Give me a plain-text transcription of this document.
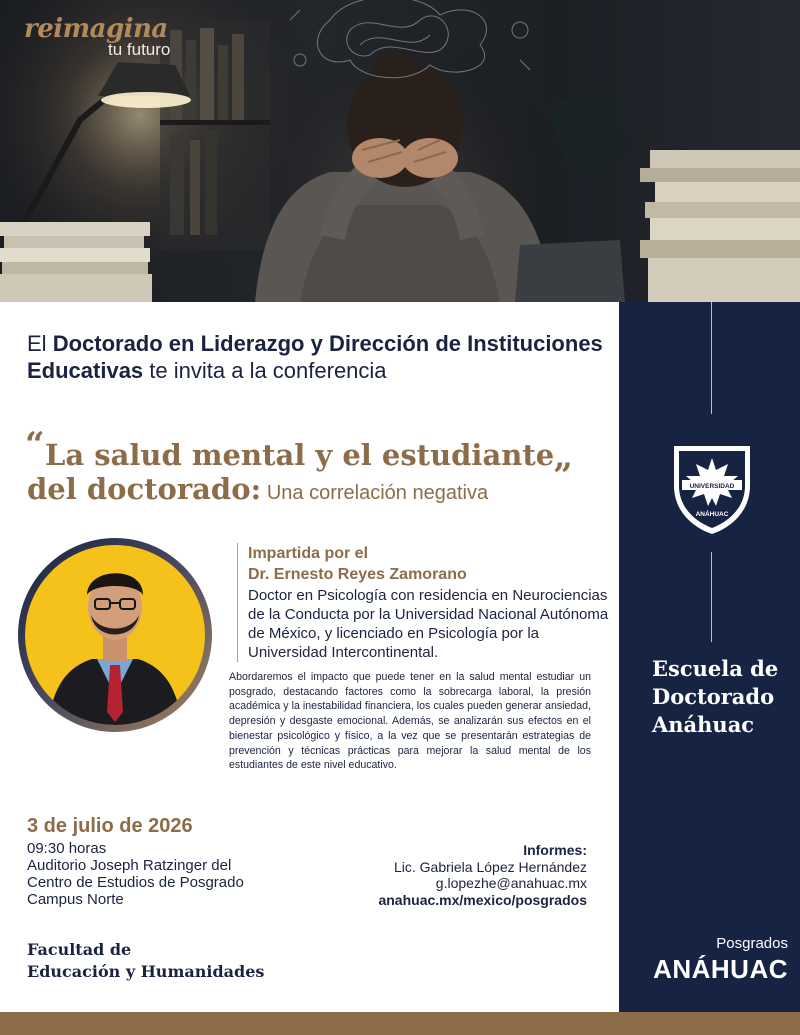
reimagina
tu futuro
UNIVERSIDAD
ANÁHUAC
Escuela de
Doctorado
Anáhuac
Posgrados
ANÁHUAC
El Doctorado en Liderazgo y Dirección de Instituciones Educativas te invita a la conferencia
“ La salud mental y el estudiante
del doctorado: Una correlación negativa	”
Impartida por el
Dr. Ernesto Reyes Zamorano
Doctor en Psicología con residencia en Neurociencias de la Conducta por la Universidad Nacional Autónoma de México, y licenciado en Psicología por la Universidad Intercontinental.
Abordaremos el impacto que puede tener en la salud mental estudiar un posgrado, destacando factores como la sobrecarga laboral, la presión académica y la inestabilidad financiera, los cuales pueden generar ansiedad, depresión y desgaste emocional. Además, se analizarán sus efectos en el bienestar psicológico y físico, a la vez que se presentarán estrategias de prevención y técnicas prácticas para mejorar la salud mental de los estudiantes de este nivel educativo.
3 de julio de 2026
09:30 horas
Auditorio Joseph Ratzinger del
Centro de Estudios de Posgrado
Campus Norte
Informes:
Lic. Gabriela López Hernández
g.lopezhe@anahuac.mx
anahuac.mx/mexico/posgrados
Facultad de
Educación y Humanidades
